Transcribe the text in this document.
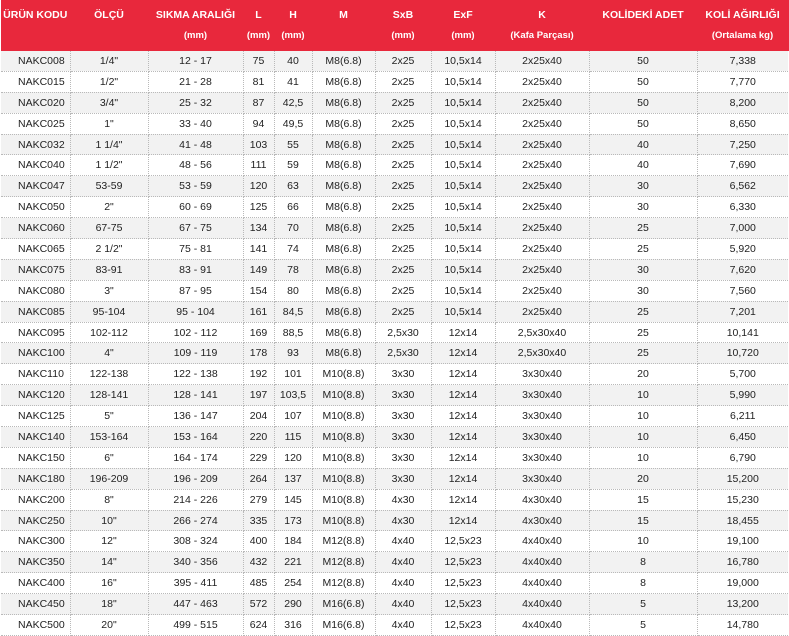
ÜRÜN KODU	ÖLÇÜ	SIKMA ARALIĞI	L	H	M	SxB	ExF	K	KOLİDEKİ ADET	KOLİ AĞIRLIĞI
		(mm)	(mm)	(mm)		(mm)	(mm)	(Kafa Parçası)		(Ortalama kg)
NAKC008	1/4"	12 - 17	75	40	M8(6.8)	2x25	10,5x14	2x25x40	50	7,338
NAKC015	1/2"	21 - 28	81	41	M8(6.8)	2x25	10,5x14	2x25x40	50	7,770
NAKC020	3/4"	25 - 32	87	42,5	M8(6.8)	2x25	10,5x14	2x25x40	50	8,200
NAKC025	1"	33 - 40	94	49,5	M8(6.8)	2x25	10,5x14	2x25x40	50	8,650
NAKC032	1 1/4"	41 - 48	103	55	M8(6.8)	2x25	10,5x14	2x25x40	40	7,250
NAKC040	1 1/2"	48 - 56	111	59	M8(6.8)	2x25	10,5x14	2x25x40	40	7,690
NAKC047	53-59	53 - 59	120	63	M8(6.8)	2x25	10,5x14	2x25x40	30	6,562
NAKC050	2"	60 - 69	125	66	M8(6.8)	2x25	10,5x14	2x25x40	30	6,330
NAKC060	67-75	67 - 75	134	70	M8(6.8)	2x25	10,5x14	2x25x40	25	7,000
NAKC065	2 1/2"	75 - 81	141	74	M8(6.8)	2x25	10,5x14	2x25x40	25	5,920
NAKC075	83-91	83 - 91	149	78	M8(6.8)	2x25	10,5x14	2x25x40	30	7,620
NAKC080	3"	87 - 95	154	80	M8(6.8)	2x25	10,5x14	2x25x40	30	7,560
NAKC085	95-104	95 - 104	161	84,5	M8(6.8)	2x25	10,5x14	2x25x40	25	7,201
NAKC095	102-112	102 - 112	169	88,5	M8(6.8)	2,5x30	12x14	2,5x30x40	25	10,141
NAKC100	4"	109 - 119	178	93	M8(6.8)	2,5x30	12x14	2,5x30x40	25	10,720
NAKC110	122-138	122 - 138	192	101	M10(8.8)	3x30	12x14	3x30x40	20	5,700
NAKC120	128-141	128 - 141	197	103,5	M10(8.8)	3x30	12x14	3x30x40	10	5,990
NAKC125	5"	136 - 147	204	107	M10(8.8)	3x30	12x14	3x30x40	10	6,211
NAKC140	153-164	153 - 164	220	115	M10(8.8)	3x30	12x14	3x30x40	10	6,450
NAKC150	6"	164 - 174	229	120	M10(8.8)	3x30	12x14	3x30x40	10	6,790
NAKC180	196-209	196 - 209	264	137	M10(8.8)	3x30	12x14	3x30x40	20	15,200
NAKC200	8"	214 - 226	279	145	M10(8.8)	4x30	12x14	4x30x40	15	15,230
NAKC250	10"	266 - 274	335	173	M10(8.8)	4x30	12x14	4x30x40	15	18,455
NAKC300	12"	308 - 324	400	184	M12(8.8)	4x40	12,5x23	4x40x40	10	19,100
NAKC350	14"	340 - 356	432	221	M12(8.8)	4x40	12,5x23	4x40x40	8	16,780
NAKC400	16"	395 - 411	485	254	M12(8.8)	4x40	12,5x23	4x40x40	8	19,000
NAKC450	18"	447 - 463	572	290	M16(6.8)	4x40	12,5x23	4x40x40	5	13,200
NAKC500	20"	499 - 515	624	316	M16(6.8)	4x40	12,5x23	4x40x40	5	14,780
